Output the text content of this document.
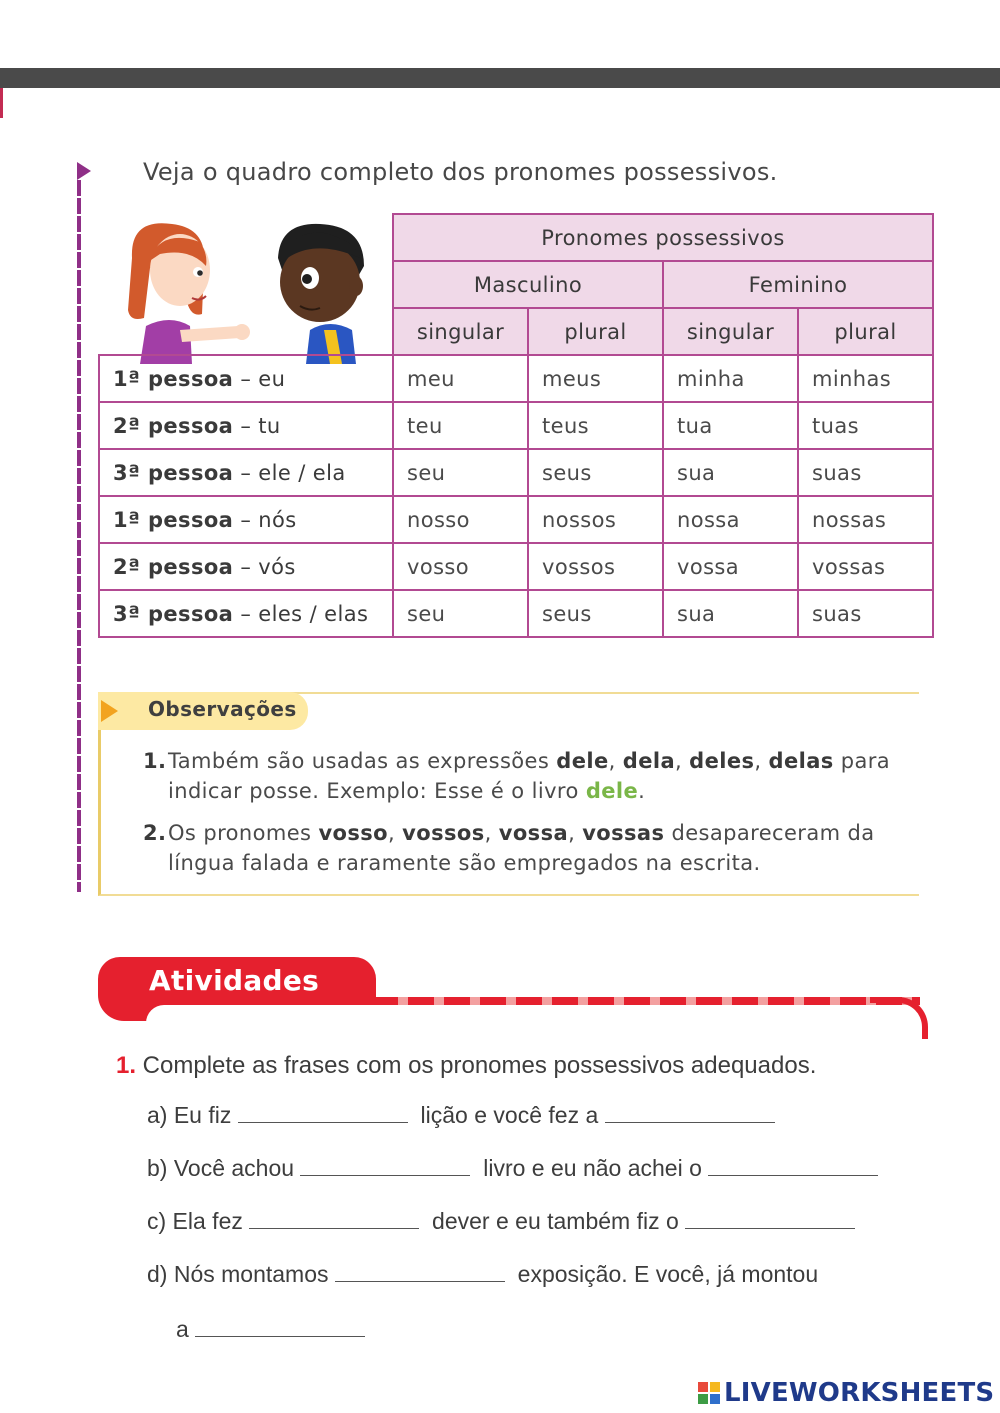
Veja o quadro completo dos pronomes possessivos.

	Pronomes possessivos			
	Masculino		Feminino	
	singular	plural	singular	plural
1ª pessoa – eu	meu	meus	minha	minhas
2ª pessoa – tu	teu	teus	tua	tuas
3ª pessoa – ele / ela	seu	seus	sua	suas
1ª pessoa – nós	nosso	nossos	nossa	nossas
2ª pessoa – vós	vosso	vossos	vossa	vossas
3ª pessoa – eles / elas	seu	seus	sua	suas
Observações
1. Também são usadas as expressões dele, dela, deles, delas para indicar posse. Exemplo: Esse é o livro dele.
2. Os pronomes vosso, vossos, vossa, vossas desapareceram da língua falada e raramente são empregados na escrita.
Atividades

1. Complete as frases com os pronomes possessivos adequados.

a) Eu fiz	lição e você fez a
b) Você achou	livro e eu não achei o
c) Ela fez	dever e eu também fiz o
d) Nós montamos	exposição. E você, já montou
a
LIVEWORKSHEETS
